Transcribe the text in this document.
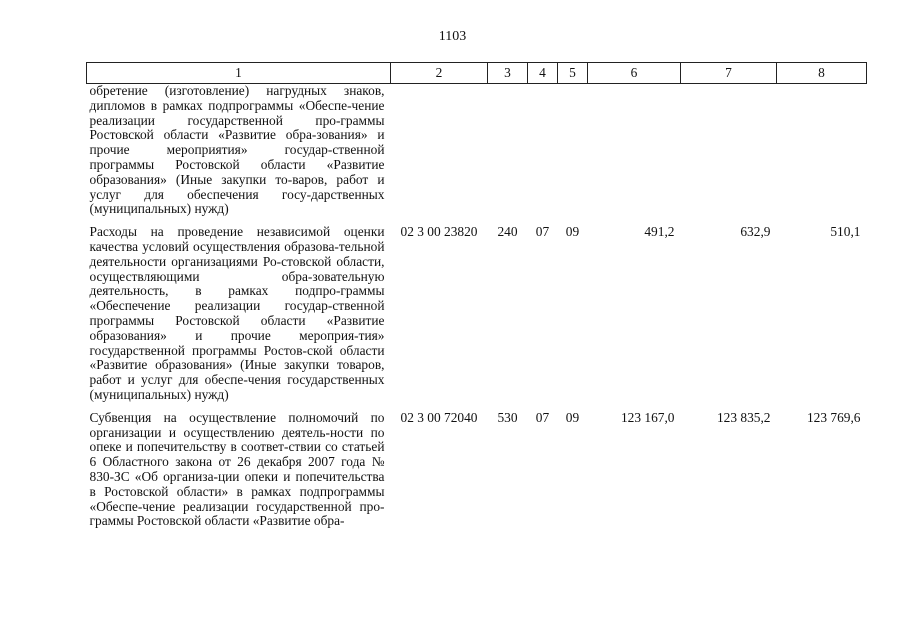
1103
1	2	3	4	5	6	7	8
обретение (изготовление) нагрудных знаков, дипломов в рамках подпрограммы «Обеспе-чение реализации государственной про-граммы Ростовской области «Развитие обра-зования» и прочие мероприятия» государ-ственной программы Ростовской области «Развитие образования» (Иные закупки то-варов, работ и услуг для обеспечения госу-дарственных (муниципальных) нужд)							
Расходы на проведение независимой оценки качества условий осуществления образова-тельной деятельности организациями Ро-стовской области, осуществляющими обра-зовательную деятельность, в рамках подпро-граммы «Обеспечение реализации государ-ственной программы Ростовской области «Развитие образования» и прочие мероприя-тия» государственной программы Ростов-ской области «Развитие образования» (Иные закупки товаров, работ и услуг для обеспе-чения государственных (муниципальных) нужд)	02 3 00 23820	240	07	09	491,2	632,9	510,1
Субвенция на осуществление полномочий по организации и осуществлению деятель-ности по опеке и попечительству в соответ-ствии со статьей 6 Областного закона от 26 декабря 2007 года № 830-ЗС «Об организа-ции опеки и попечительства в Ростовской области» в рамках подпрограммы «Обеспе-чение реализации государственной про-граммы Ростовской области «Развитие обра-	02 3 00 72040	530	07	09	123 167,0	123 835,2	123 769,6
